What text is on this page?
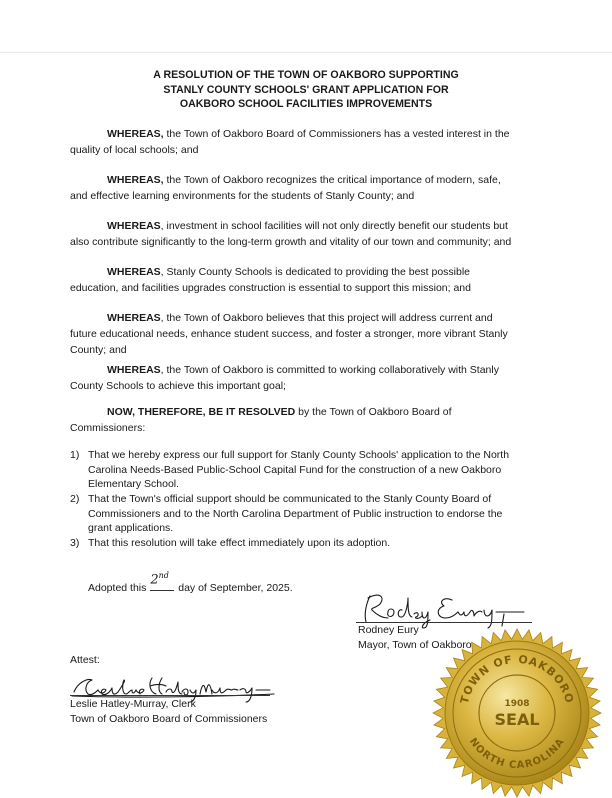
A RESOLUTION OF THE TOWN OF OAKBORO SUPPORTING
STANLY COUNTY SCHOOLS' GRANT APPLICATION FOR
OAKBORO SCHOOL FACILITIES IMPROVEMENTS
WHEREAS, the Town of Oakboro Board of Commissioners has a vested interest in the
quality of local schools; and
WHEREAS, the Town of Oakboro recognizes the critical importance of modern, safe,
and effective learning environments for the students of Stanly County; and
WHEREAS, investment in school facilities will not only directly benefit our students but
also contribute significantly to the long-term growth and vitality of our town and community; and
WHEREAS, Stanly County Schools is dedicated to providing the best possible
education, and facilities upgrades construction is essential to support this mission; and
WHEREAS, the Town of Oakboro believes that this project will address current and
future educational needs, enhance student success, and foster a stronger, more vibrant Stanly
County; and
WHEREAS, the Town of Oakboro is committed to working collaboratively with Stanly
County Schools to achieve this important goal;
NOW, THEREFORE, BE IT RESOLVED by the Town of Oakboro Board of
Commissioners:
1) That we hereby express our full support for Stanly County Schools' application to the North
Carolina Needs-Based Public-School Capital Fund for the construction of a new Oakboro
Elementary School.
2) That the Town's official support should be communicated to the Stanly County Board of
Commissioners and to the North Carolina Department of Public instruction to endorse the
grant applications.
3) That this resolution will take effect immediately upon its adoption.
Adopted this
2nd
day of September, 2025.
Rodney Eury
Mayor, Town of Oakboro
Attest:
Leslie Hatley-Murray, Clerk
Town of Oakboro Board of Commissioners
TOWN OF OAKBORO
NORTH CAROLINA
1908
SEAL
